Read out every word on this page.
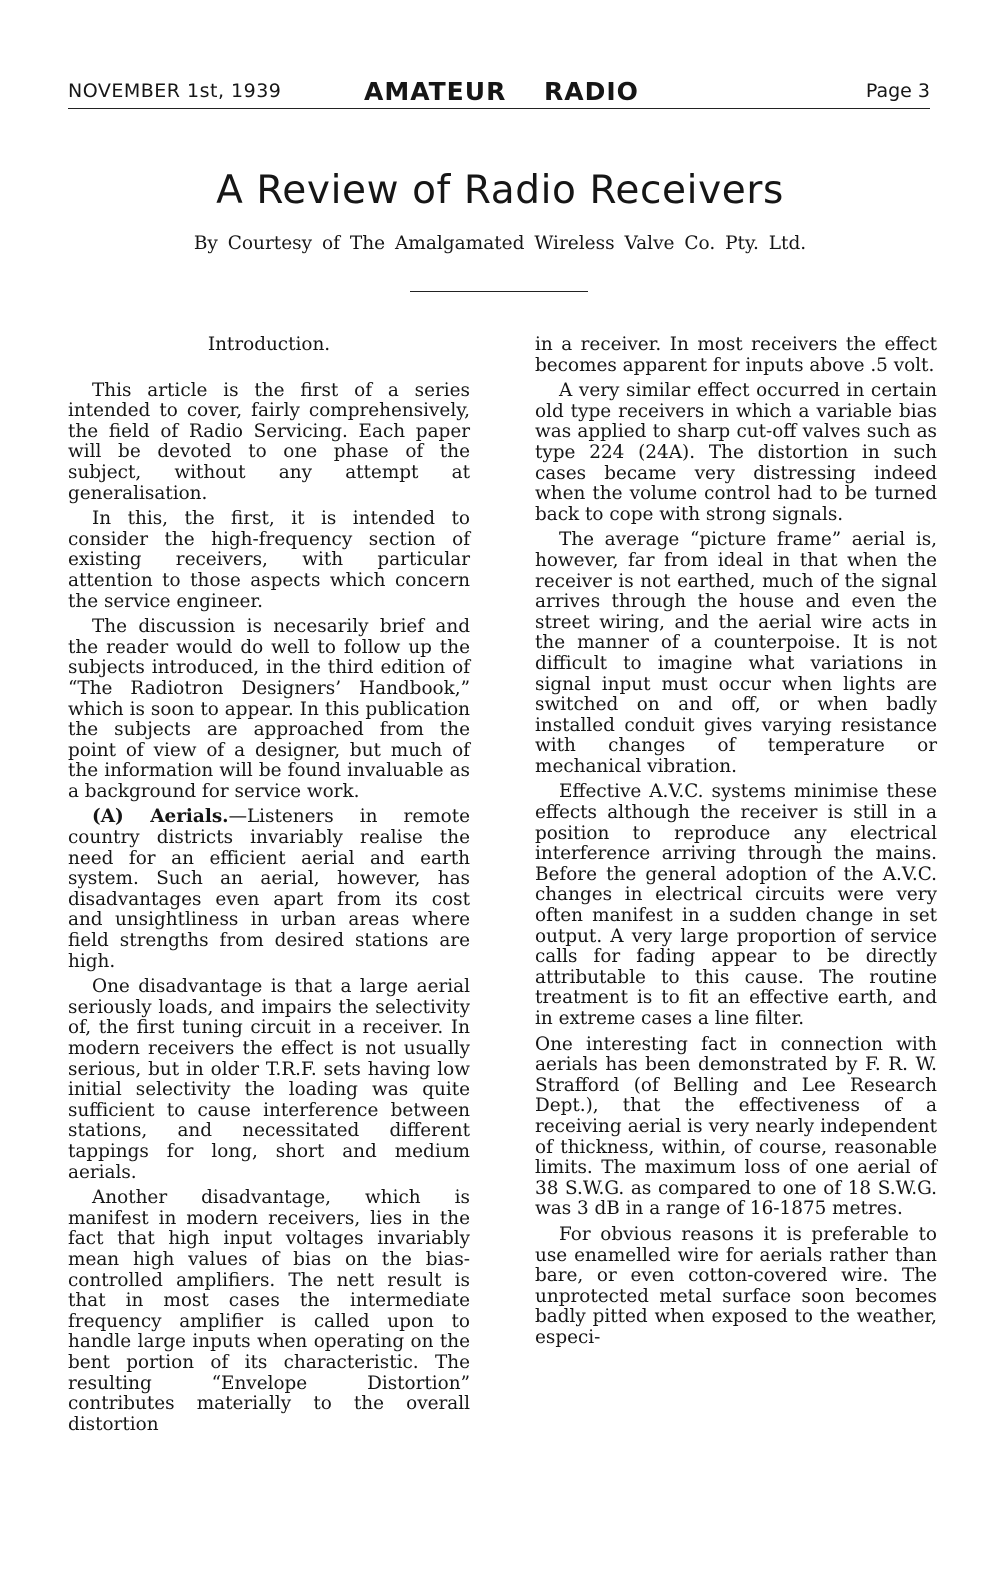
NOVEMBER 1st, 1939	AMATEUR RADIO	Page 3
A Review of Radio Receivers
By Courtesy of The Amalgamated Wireless Valve Co. Pty. Ltd.
Introduction.

This article is the first of a series intended to cover, fairly comprehensively, the field of Radio Servicing. Each paper will be devoted to one phase of the subject, without any attempt at generalisation.

In this, the first, it is intended to consider the high-frequency section of existing receivers, with particular attention to those aspects which concern the service engineer.

The discussion is necesarily brief and the reader would do well to follow up the subjects introduced, in the third edition of “The Radiotron Designers’ Handbook,” which is soon to appear. In this publication the subjects are approached from the point of view of a designer, but much of the information will be found invaluable as a background for service work.

(A) Aerials.—Listeners in remote country districts invariably realise the need for an efficient aerial and earth system. Such an aerial, however, has disadvantages even apart from its cost and unsightliness in urban areas where field strengths from desired stations are high.

One disadvantage is that a large aerial seriously loads, and impairs the selectivity of, the first tuning circuit in a receiver. In modern receivers the effect is not usually serious, but in older T.R.F. sets having low initial selectivity the loading was quite sufficient to cause interference between stations, and necessitated different tappings for long, short and medium aerials.

Another disadvantage, which is manifest in modern receivers, lies in the fact that high input voltages invariably mean high values of bias on the bias-controlled amplifiers. The nett result is that in most cases the intermediate frequency amplifier is called upon to handle large inputs when operating on the bent portion of its characteristic. The resulting “Envelope Distortion” contributes materially to the overall distortion

in a receiver. In most receivers the effect becomes apparent for inputs above .5 volt.

A very similar effect occurred in certain old type receivers in which a variable bias was applied to sharp cut-off valves such as type 224 (24A). The distortion in such cases became very distressing indeed when the volume control had to be turned back to cope with strong signals.

The average “picture frame” aerial is, however, far from ideal in that when the receiver is not earthed, much of the signal arrives through the house and even the street wiring, and the aerial wire acts in the manner of a counterpoise. It is not difficult to imagine what variations in signal input must occur when lights are switched on and off, or when badly installed conduit gives varying resistance with changes of temperature or mechanical vibration.

Effective A.V.C. systems minimise these effects although the receiver is still in a position to reproduce any electrical interference arriving through the mains. Before the general adoption of the A.V.C. changes in electrical circuits were very often manifest in a sudden change in set output. A very large proportion of service calls for fading appear to be directly attributable to this cause. The routine treatment is to fit an effective earth, and in extreme cases a line filter.

One interesting fact in connection with aerials has been demonstrated by F. R. W. Strafford (of Belling and Lee Research Dept.), that the effectiveness of a receiving aerial is very nearly independent of thickness, within, of course, reasonable limits. The maximum loss of one aerial of 38 S.W.G. as compared to one of 18 S.W.G. was 3 dB in a range of 16-1875 metres.

For obvious reasons it is preferable to use enamelled wire for aerials rather than bare, or even cotton-covered wire. The unprotected metal surface soon becomes badly pitted when exposed to the weather, especi-
